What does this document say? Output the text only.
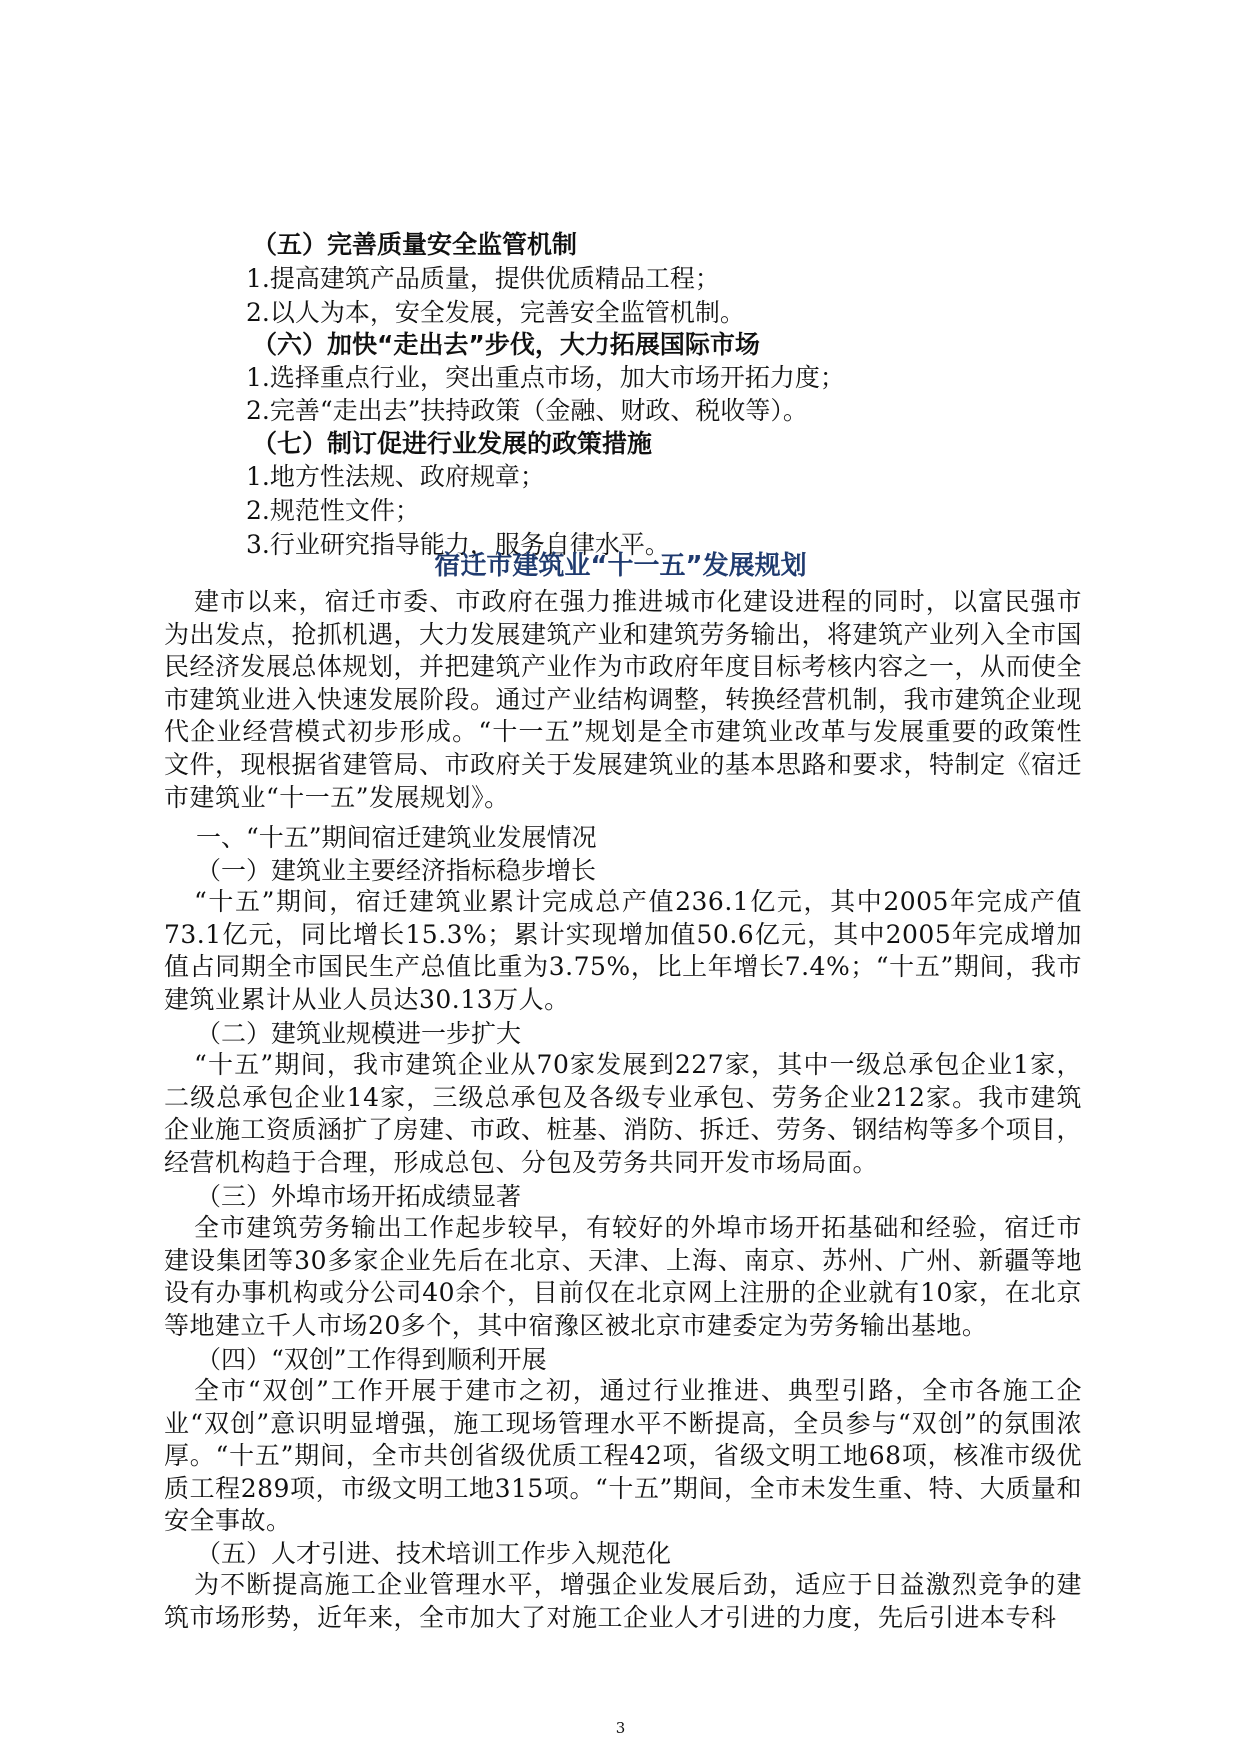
（五）完善质量安全监管机制
1.提高建筑产品质量，提供优质精品工程；
2.以人为本，安全发展，完善安全监管机制。
（六）加快“走出去”步伐，大力拓展国际市场
1.选择重点行业，突出重点市场，加大市场开拓力度；
2.完善“走出去”扶持政策（金融、财政、税收等）。
（七）制订促进行业发展的政策措施
1.地方性法规、政府规章；
2.规范性文件；
3.行业研究指导能力，服务自律水平。
宿迁市建筑业“十一五”发展规划
建市以来，宿迁市委、市政府在强力推进城市化建设进程的同时，以富民强市为出发点，抢抓机遇，大力发展建筑产业和建筑劳务输出，将建筑产业列入全市国民经济发展总体规划，并把建筑产业作为市政府年度目标考核内容之一，从而使全市建筑业进入快速发展阶段。通过产业结构调整，转换经营机制，我市建筑企业现代企业经营模式初步形成。“十一五”规划是全市建筑业改革与发展重要的政策性文件，现根据省建管局、市政府关于发展建筑业的基本思路和要求，特制定《宿迁市建筑业“十一五”发展规划》。
一、“十五”期间宿迁建筑业发展情况
（一）建筑业主要经济指标稳步增长
“十五”期间，宿迁建筑业累计完成总产值236.1亿元，其中2005年完成产值73.1亿元，同比增长15.3%；累计实现增加值50.6亿元，其中2005年完成增加值占同期全市国民生产总值比重为3.75%，比上年增长7.4%；“十五”期间，我市建筑业累计从业人员达30.13万人。
（二）建筑业规模进一步扩大
“十五”期间，我市建筑企业从70家发展到227家，其中一级总承包企业1家，二级总承包企业14家，三级总承包及各级专业承包、劳务企业212家。我市建筑企业施工资质涵扩了房建、市政、桩基、消防、拆迁、劳务、钢结构等多个项目，经营机构趋于合理，形成总包、分包及劳务共同开发市场局面。
（三）外埠市场开拓成绩显著
全市建筑劳务输出工作起步较早，有较好的外埠市场开拓基础和经验，宿迁市建设集团等30多家企业先后在北京、天津、上海、南京、苏州、广州、新疆等地设有办事机构或分公司40余个，目前仅在北京网上注册的企业就有10家，在北京等地建立千人市场20多个，其中宿豫区被北京市建委定为劳务输出基地。
（四）“双创”工作得到顺利开展
全市“双创”工作开展于建市之初，通过行业推进、典型引路，全市各施工企业“双创”意识明显增强，施工现场管理水平不断提高，全员参与“双创”的氛围浓厚。“十五”期间，全市共创省级优质工程42项，省级文明工地68项，核准市级优质工程289项，市级文明工地315项。“十五”期间，全市未发生重、特、大质量和安全事故。
（五）人才引进、技术培训工作步入规范化
为不断提高施工企业管理水平，增强企业发展后劲，适应于日益激烈竞争的建筑市场形势，近年来，全市加大了对施工企业人才引进的力度，先后引进本专科
3
